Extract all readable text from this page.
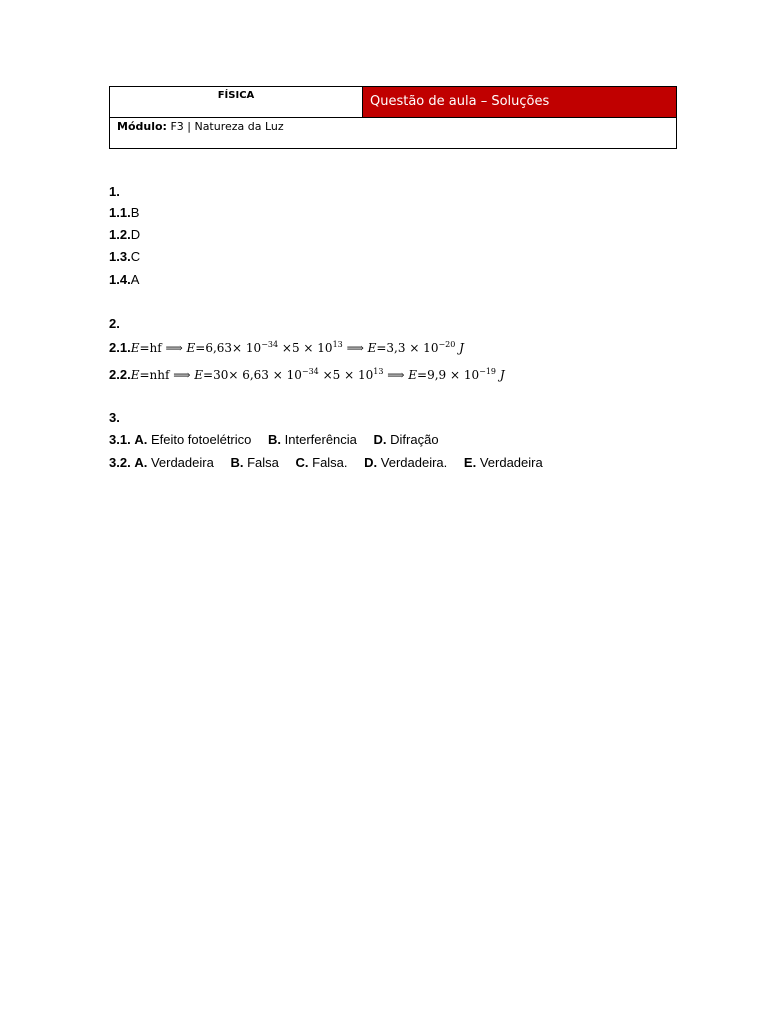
FÍSICA	Questão de aula – Soluções
Módulo: F3 | Natureza da Luz
1.
1.1.B
1.2.D
1.3.C
1.4.A
2.
2.1.E=hf ⟹ $E=6,63\times 10^{-34} \times 5 \times 10^{13}$ ⟹ $E=3,3 \times 10^{-20}$ J
2.2.E=nhf ⟹ $E=30\times 6,63 \times 10^{-34} \times 5 \times 10^{13}$ ⟹ $E=9,9 \times 10^{-19}$ J
3.
3.1. A. Efeito fotoelétrico B. Interferência D. Difração
3.2. A. Verdadeira B. Falsa C. Falsa. D. Verdadeira. E. Verdadeira
